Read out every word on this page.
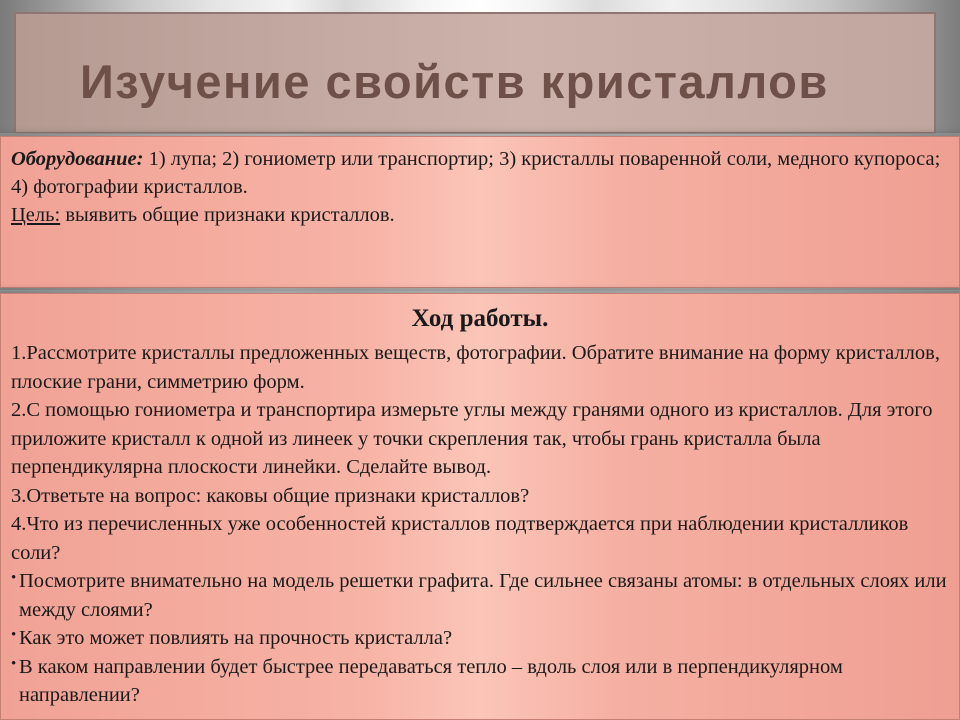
Изучение свойств кристаллов

Оборудование: 1) лупа; 2) гониометр или транспортир; 3) кристаллы поваренной соли, медного купороса; 4) фотографии кристаллов.

Цель: выявить общие признаки кристаллов.

Ход работы.

1.Рассмотрите кристаллы предложенных веществ, фотографии. Обратите внимание на форму кристаллов, плоские грани, симметрию форм.

2.С помощью гониометра и транспортира измерьте углы между гранями одного из кристаллов. Для этого приложите кристалл к одной из линеек у точки скрепления так, чтобы грань кристалла была перпендикулярна плоскости линейки. Сделайте вывод.

3.Ответьте на вопрос: каковы общие признаки кристаллов?

4.Что из перечисленных уже особенностей кристаллов подтверждается при наблюдении кристалликов соли?

• Посмотрите внимательно на модель решетки графита. Где сильнее связаны атомы: в отдельных слоях или между слоями?

• Как это может повлиять на прочность кристалла?

• В каком направлении будет быстрее передаваться тепло – вдоль слоя или в перпендикулярном направлении?
